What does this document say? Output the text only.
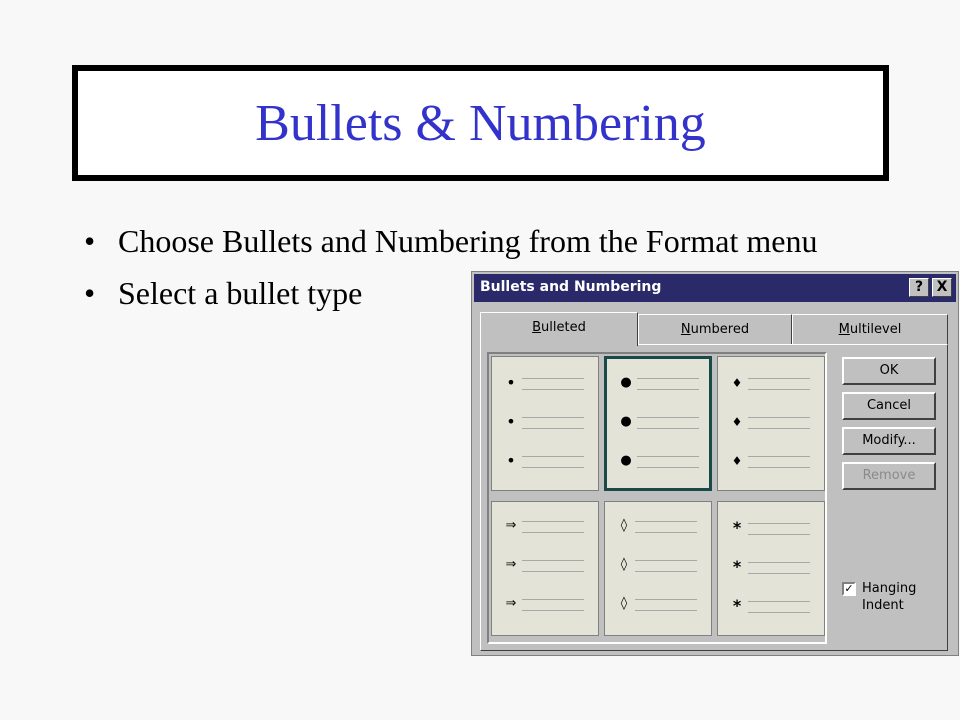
Bullets & Numbering
• Choose Bullets and Numbering from the Format menu
• Select a bullet type	Bullets and Numbering	? X
Bulleted	Numbered	Multilevel
•
•
•
●
●
●
♦
♦
♦
⇒
⇒
⇒
◊
◊
◊
*
*
*
OK
Cancel
Modify...
Remove
✓ Hanging Indent
